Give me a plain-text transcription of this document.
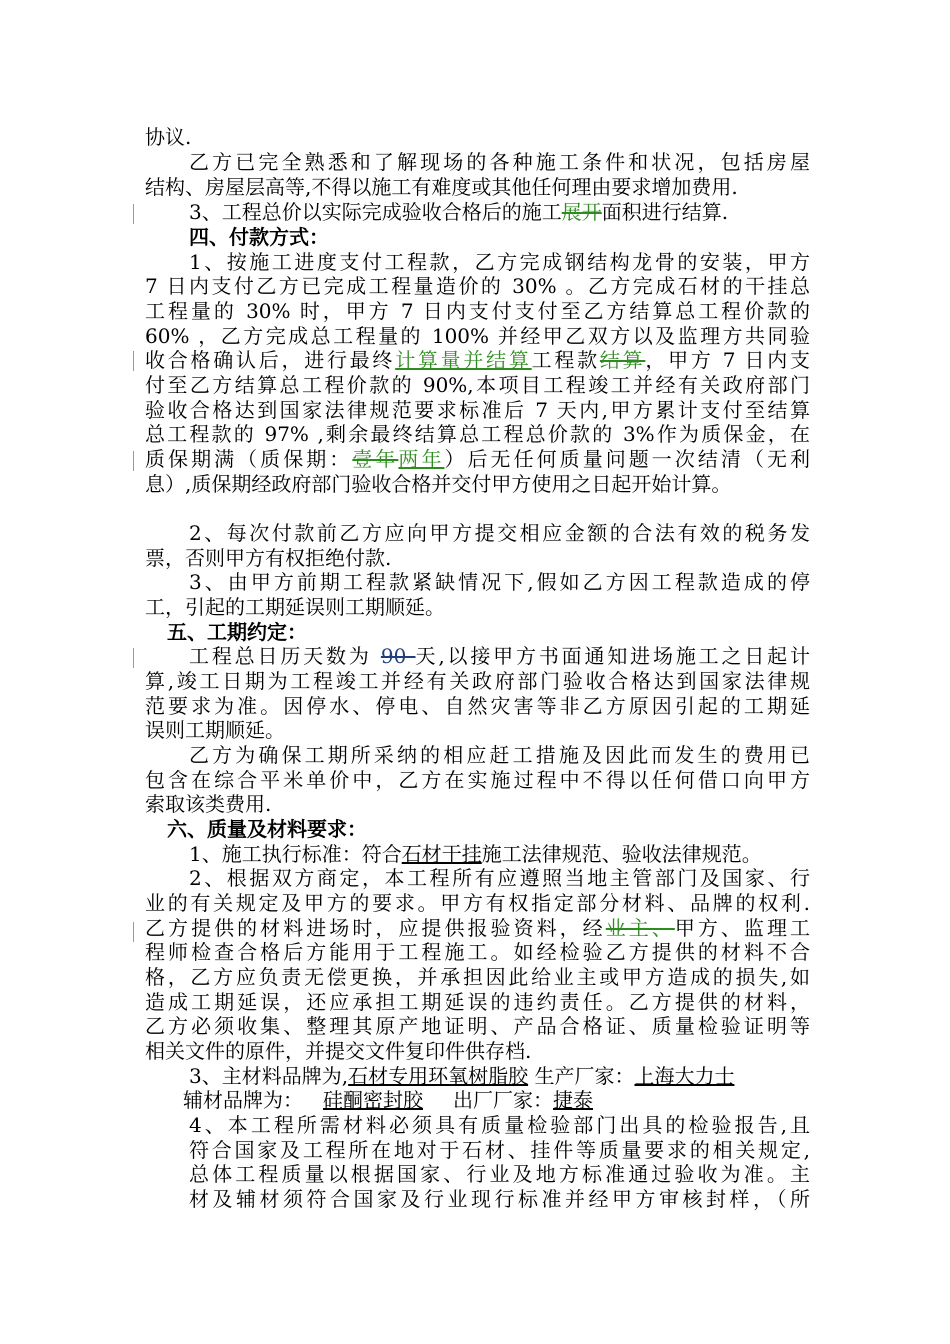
协议.
乙方已完全熟悉和了解现场的各种施工条件和状况，包括房屋
结构、房屋层高等,不得以施工有难度或其他任何理由要求增加费用.
3、工程总价以实际完成验收合格后的施工展开面积进行结算.
四、付款方式：
1、按施工进度支付工程款，乙方完成钢结构龙骨的安装，甲方
7 日内支付乙方已完成工程量造价的 30% 。乙方完成石材的干挂总
工程量的 30% 时，甲方 7 日内支付支付至乙方结算总工程价款的
60% ，乙方完成总工程量的 100% 并经甲乙双方以及监理方共同验
收合格确认后，进行最终计算量并结算工程款结算，甲方 7 日内支
付至乙方结算总工程价款的 90%,本项目工程竣工并经有关政府部门
验收合格达到国家法律规范要求标准后 7 天内,甲方累计支付至结算
总工程款的 97% ,剩余最终结算总工程总价款的 3%作为质保金，在
质保期满（质保期：壹年两年）后无任何质量问题一次结清（无利
息）,质保期经政府部门验收合格并交付甲方使用之日起开始计算。
2、每次付款前乙方应向甲方提交相应金额的合法有效的税务发
票，否则甲方有权拒绝付款.
3、由甲方前期工程款紧缺情况下,假如乙方因工程款造成的停
工，引起的工期延误则工期顺延。
五、工期约定：
工程总日历天数为 90 天,以接甲方书面通知进场施工之日起计
算,竣工日期为工程竣工并经有关政府部门验收合格达到国家法律规
范要求为准。因停水、停电、自然灾害等非乙方原因引起的工期延
误则工期顺延。
乙方为确保工期所采纳的相应赶工措施及因此而发生的费用已
包含在综合平米单价中，乙方在实施过程中不得以任何借口向甲方
索取该类费用.
六、质量及材料要求：
1、施工执行标准：符合石材干挂施工法律规范、验收法律规范。
2、根据双方商定，本工程所有应遵照当地主管部门及国家、行
业的有关规定及甲方的要求。甲方有权指定部分材料、品牌的权利.
乙方提供的材料进场时，应提供报验资料，经业主、甲方、监理工
程师检查合格后方能用于工程施工。如经检验乙方提供的材料不合
格，乙方应负责无偿更换，并承担因此给业主或甲方造成的损失,如
造成工期延误，还应承担工期延误的违约责任。乙方提供的材料，
乙方必须收集、整理其原产地证明、产品合格证、质量检验证明等
相关文件的原件，并提交文件复印件供存档.
3、主材料品牌为,石材专用环氧树脂胶 生产厂家：上海大力士
辅材品牌为： 硅酮密封胶 出厂厂家：捷泰
4、本工程所需材料必须具有质量检验部门出具的检验报告,且
符合国家及工程所在地对于石材、挂件等质量要求的相关规定,
总体工程质量以根据国家、行业及地方标准通过验收为准。主
材及辅材须符合国家及行业现行标准并经甲方审核封样，（所
